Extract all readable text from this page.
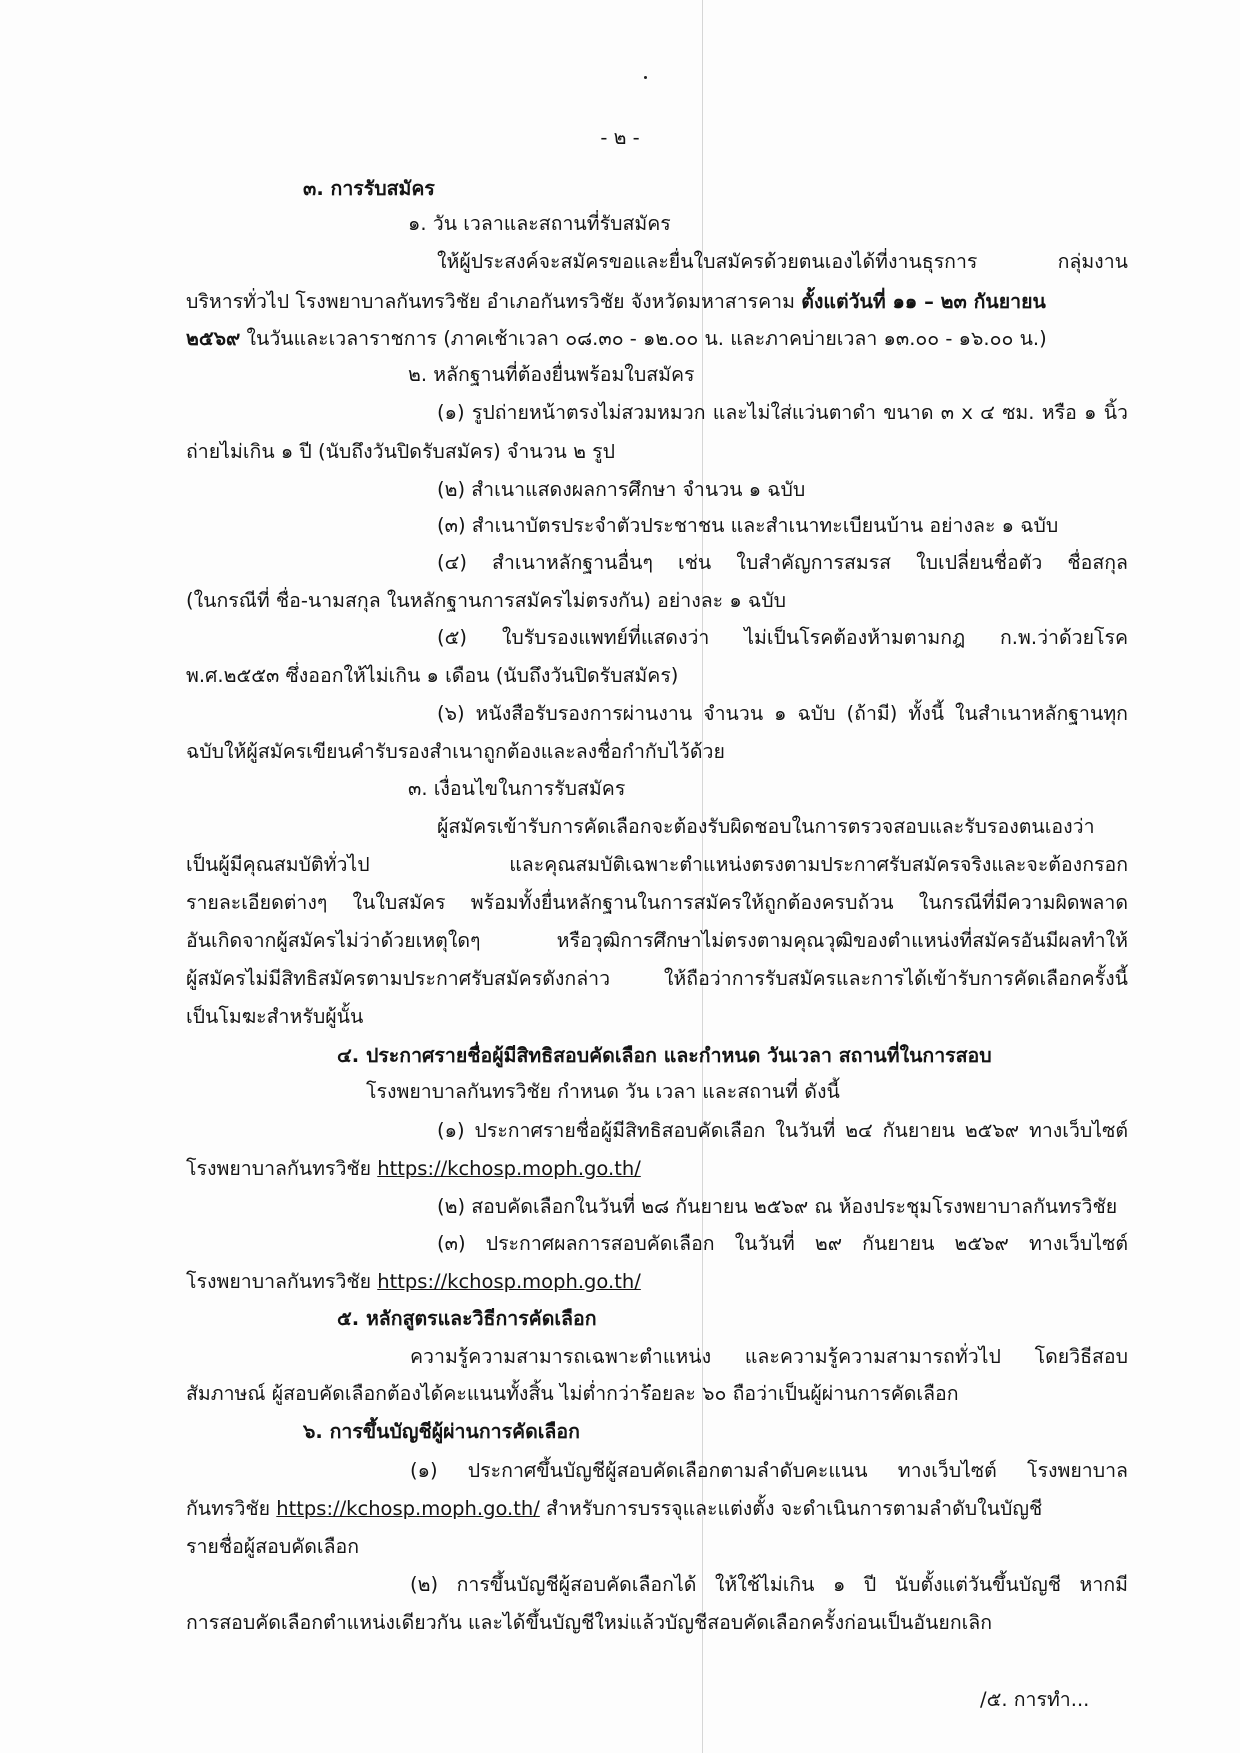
- ๒ -
๓. การรับสมัคร
๑. วัน เวลาและสถานที่รับสมัคร
ให้ผู้ประสงค์จะสมัครขอและยื่นใบสมัครด้วยตนเองได้ที่งานธุรการ กลุ่มงาน
บริหารทั่วไป โรงพยาบาลกันทรวิชัย อำเภอกันทรวิชัย จังหวัดมหาสารคาม ตั้งแต่วันที่ ๑๑ – ๒๓ กันยายน
๒๕๖๙ ในวันและเวลาราชการ (ภาคเช้าเวลา ๐๘.๓๐ - ๑๒.๐๐ น. และภาคบ่ายเวลา ๑๓.๐๐ - ๑๖.๐๐ น.)
๒. หลักฐานที่ต้องยื่นพร้อมใบสมัคร
(๑) รูปถ่ายหน้าตรงไม่สวมหมวก และไม่ใส่แว่นตาดำ ขนาด ๓ x ๔ ซม. หรือ ๑ นิ้ว
ถ่ายไม่เกิน ๑ ปี (นับถึงวันปิดรับสมัคร) จำนวน ๒ รูป
(๒) สำเนาแสดงผลการศึกษา จำนวน ๑ ฉบับ
(๓) สำเนาบัตรประจำตัวประชาชน และสำเนาทะเบียนบ้าน อย่างละ ๑ ฉบับ
(๔) สำเนาหลักฐานอื่นๆ เช่น ใบสำคัญการสมรส ใบเปลี่ยนชื่อตัว ชื่อสกุล
(ในกรณีที่ ชื่อ-นามสกุล ในหลักฐานการสมัครไม่ตรงกัน) อย่างละ ๑ ฉบับ
(๕) ใบรับรองแพทย์ที่แสดงว่า ไม่เป็นโรคต้องห้ามตามกฎ ก.พ.ว่าด้วยโรค
พ.ศ.๒๕๕๓ ซึ่งออกให้ไม่เกิน ๑ เดือน (นับถึงวันปิดรับสมัคร)
(๖) หนังสือรับรองการผ่านงาน จำนวน ๑ ฉบับ (ถ้ามี) ทั้งนี้ ในสำเนาหลักฐานทุก
ฉบับให้ผู้สมัครเขียนคำรับรองสำเนาถูกต้องและลงชื่อกำกับไว้ด้วย
๓. เงื่อนไขในการรับสมัคร
ผู้สมัครเข้ารับการคัดเลือกจะต้องรับผิดชอบในการตรวจสอบและรับรองตนเองว่า
เป็นผู้มีคุณสมบัติทั่วไป และคุณสมบัติเฉพาะตำแหน่งตรงตามประกาศรับสมัครจริงและจะต้องกรอก
รายละเอียดต่างๆ ในใบสมัคร พร้อมทั้งยื่นหลักฐานในการสมัครให้ถูกต้องครบถ้วน ในกรณีที่มีความผิดพลาด
อันเกิดจากผู้สมัครไม่ว่าด้วยเหตุใดๆ หรือวุฒิการศึกษาไม่ตรงตามคุณวุฒิของตำแหน่งที่สมัครอันมีผลทำให้
ผู้สมัครไม่มีสิทธิสมัครตามประกาศรับสมัครดังกล่าว ให้ถือว่าการรับสมัครและการได้เข้ารับการคัดเลือกครั้งนี้
เป็นโมฆะสำหรับผู้นั้น
๔. ประกาศรายชื่อผู้มีสิทธิสอบคัดเลือก และกำหนด วันเวลา สถานที่ในการสอบ
โรงพยาบาลกันทรวิชัย กำหนด วัน เวลา และสถานที่ ดังนี้
(๑) ประกาศรายชื่อผู้มีสิทธิสอบคัดเลือก ในวันที่ ๒๔ กันยายน ๒๕๖๙ ทางเว็บไซต์
โรงพยาบาลกันทรวิชัย https://kchosp.moph.go.th/
(๒) สอบคัดเลือกในวันที่ ๒๘ กันยายน ๒๕๖๙ ณ ห้องประชุมโรงพยาบาลกันทรวิชัย
(๓) ประกาศผลการสอบคัดเลือก ในวันที่ ๒๙ กันยายน ๒๕๖๙ ทางเว็บไซต์
โรงพยาบาลกันทรวิชัย https://kchosp.moph.go.th/
๕. หลักสูตรและวิธีการคัดเลือก
ความรู้ความสามารถเฉพาะตำแหน่ง และความรู้ความสามารถทั่วไป โดยวิธีสอบ
สัมภาษณ์ ผู้สอบคัดเลือกต้องได้คะแนนทั้งสิ้น ไม่ต่ำกว่าร้อยละ ๖๐ ถือว่าเป็นผู้ผ่านการคัดเลือก
๖. การขึ้นบัญชีผู้ผ่านการคัดเลือก
(๑) ประกาศขึ้นบัญชีผู้สอบคัดเลือกตามลำดับคะแนน ทางเว็บไซต์ โรงพยาบาล
กันทรวิชัย https://kchosp.moph.go.th/ สำหรับการบรรจุและแต่งตั้ง จะดำเนินการตามลำดับในบัญชี
รายชื่อผู้สอบคัดเลือก
(๒) การขึ้นบัญชีผู้สอบคัดเลือกได้ ให้ใช้ไม่เกิน ๑ ปี นับตั้งแต่วันขึ้นบัญชี หากมี
การสอบคัดเลือกตำแหน่งเดียวกัน และได้ขึ้นบัญชีใหม่แล้วบัญชีสอบคัดเลือกครั้งก่อนเป็นอันยกเลิก
/๕. การทำ...
